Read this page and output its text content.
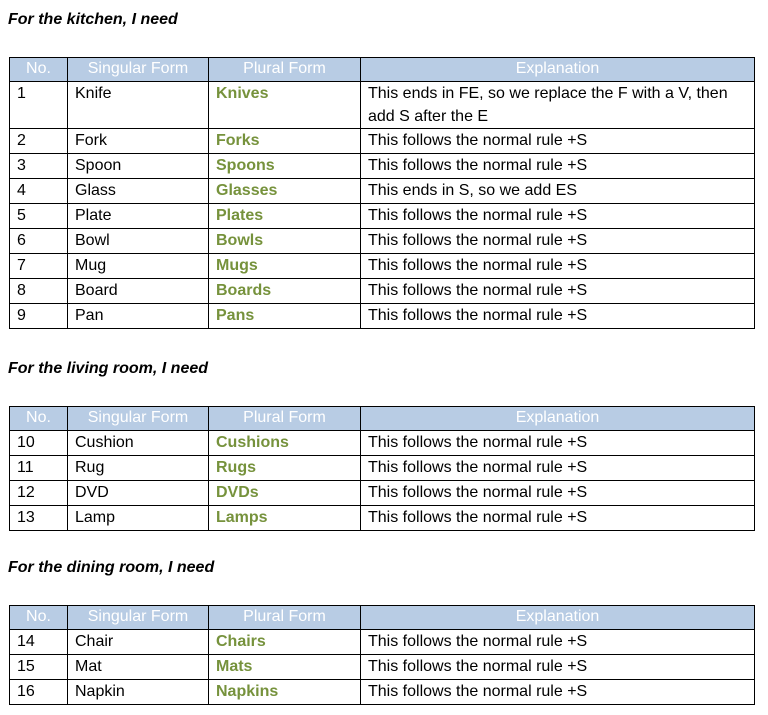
For the kitchen, I need
No.	Singular Form	Plural Form	Explanation
1	Knife	Knives	This ends in FE, so we replace the F with a V, then add S after the E
2	Fork	Forks	This follows the normal rule +S
3	Spoon	Spoons	This follows the normal rule +S
4	Glass	Glasses	This ends in S, so we add ES
5	Plate	Plates	This follows the normal rule +S
6	Bowl	Bowls	This follows the normal rule +S
7	Mug	Mugs	This follows the normal rule +S
8	Board	Boards	This follows the normal rule +S
9	Pan	Pans	This follows the normal rule +S
For the living room, I need
No.	Singular Form	Plural Form	Explanation
10	Cushion	Cushions	This follows the normal rule +S
11	Rug	Rugs	This follows the normal rule +S
12	DVD	DVDs	This follows the normal rule +S
13	Lamp	Lamps	This follows the normal rule +S
For the dining room, I need
No.	Singular Form	Plural Form	Explanation
14	Chair	Chairs	This follows the normal rule +S
15	Mat	Mats	This follows the normal rule +S
16	Napkin	Napkins	This follows the normal rule +S
